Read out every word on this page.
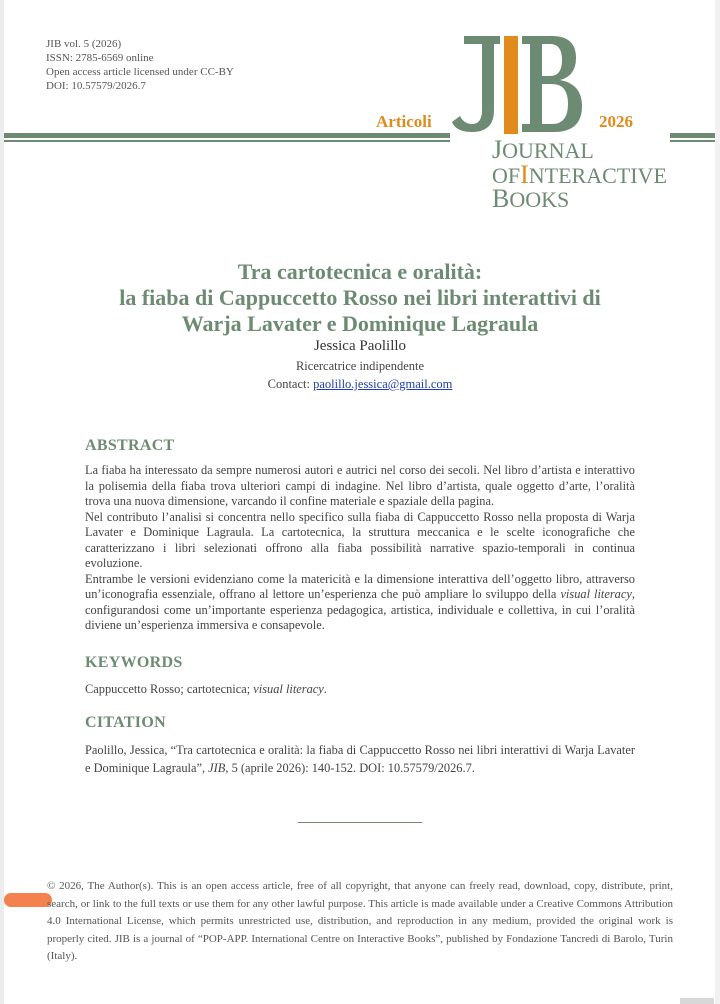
JIB vol. 5 (2026)
ISSN: 2785-6569 online
Open access article licensed under CC-BY
DOI: 10.57579/2026.7
Articoli	2026
JOURNAL
OFINTERACTIVE
BOOKS
Tra cartotecnica e oralità:
la fiaba di Cappuccetto Rosso nei libri interattivi di
Warja Lavater e Dominique Lagraula
Jessica Paolillo
Ricercatrice indipendente
Contact: paolillo.jessica@gmail.com
ABSTRACT

La fiaba ha interessato da sempre numerosi autori e autrici nel corso dei secoli. Nel libro d’artista e interattivo la polisemia della fiaba trova ulteriori campi di indagine. Nel libro d’artista, quale oggetto d’arte, l’oralità trova una nuova dimensione, varcando il confine materiale e spaziale della pagina.

Nel contributo l’analisi si concentra nello specifico sulla fiaba di Cappuccetto Rosso nella proposta di Warja Lavater e Dominique Lagraula. La cartotecnica, la struttura meccanica e le scelte iconografiche che caratterizzano i libri selezionati offrono alla fiaba possibilità narrative spazio-temporali in continua evoluzione.

Entrambe le versioni evidenziano come la matericità e la dimensione interattiva dell’oggetto libro, attraverso un’iconografia essenziale, offrano al lettore un’esperienza che può ampliare lo sviluppo della visual literacy, configurandosi come un’importante esperienza pedagogica, artistica, individuale e collettiva, in cui l’oralità diviene un’esperienza immersiva e consapevole.

KEYWORDS
Cappuccetto Rosso; cartotecnica; visual literacy.
CITATION
Paolillo, Jessica, “Tra cartotecnica e oralità: la fiaba di Cappuccetto Rosso nei libri interattivi di Warja Lavater e Dominique Lagraula”, JIB, 5 (aprile 2026): 140-152. DOI: 10.57579/2026.7.
© 2026, The Author(s). This is an open access article, free of all copyright, that anyone can freely read, download, copy, distribute, print, search, or link to the full texts or use them for any other lawful purpose. This article is made available under a Creative Commons Attribution 4.0 International License, which permits unrestricted use, distribution, and reproduction in any medium, provided the original work is properly cited. JIB is a journal of “POP-APP. International Centre on Interactive Books”, published by Fondazione Tancredi di Barolo, Turin (Italy).
